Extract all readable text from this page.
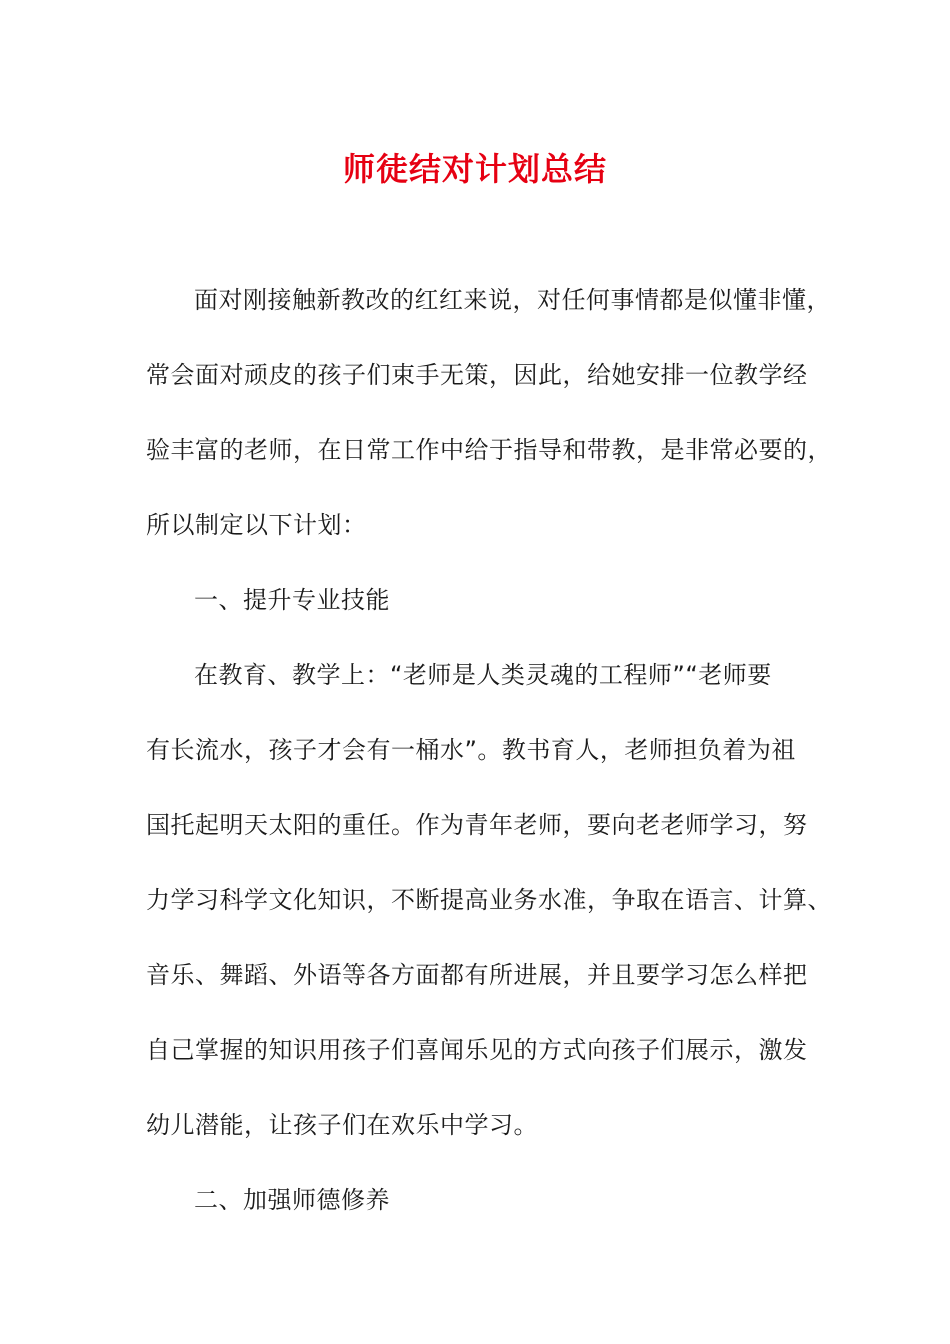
师徒结对计划总结
面对刚接触新教改的红红来说，对任何事情都是似懂非懂，
常会面对顽皮的孩子们束手无策，因此，给她安排一位教学经
验丰富的老师，在日常工作中给于指导和带教，是非常必要的，
所以制定以下计划：
一、提升专业技能
在教育、教学上：“老师是人类灵魂的工程师”“老师要
有长流水，孩子才会有一桶水”。教书育人，老师担负着为祖
国托起明天太阳的重任。作为青年老师，要向老老师学习，努
力学习科学文化知识，不断提高业务水准，争取在语言、计算、
音乐、舞蹈、外语等各方面都有所进展，并且要学习怎么样把
自己掌握的知识用孩子们喜闻乐见的方式向孩子们展示，激发
幼儿潜能，让孩子们在欢乐中学习。
二、加强师德修养
